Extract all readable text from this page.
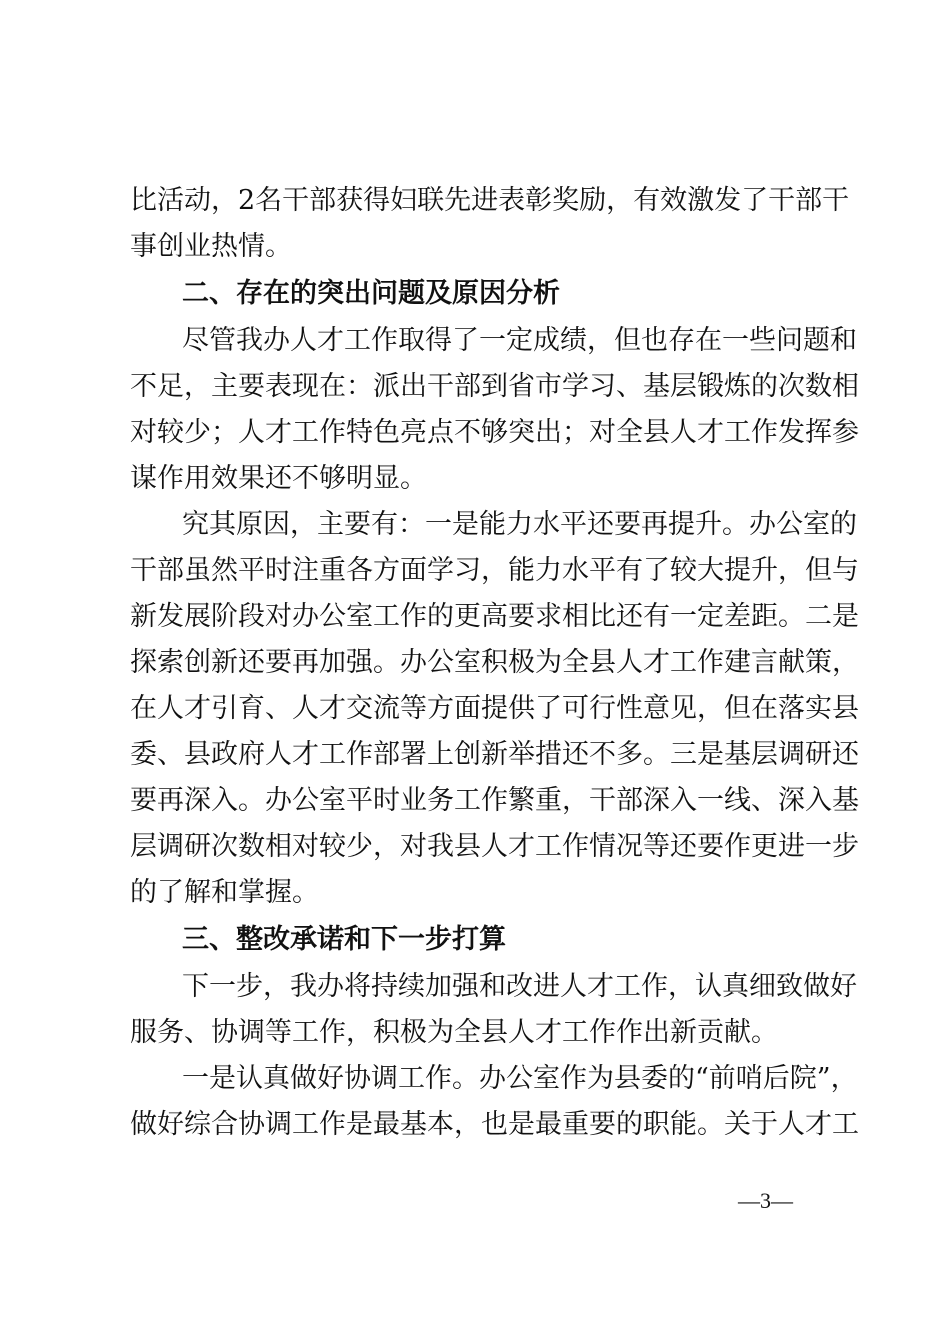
比活动，2名干部获得妇联先进表彰奖励，有效激发了干部干
事创业热情。
二、存在的突出问题及原因分析
尽管我办人才工作取得了一定成绩，但也存在一些问题和
不足，主要表现在：派出干部到省市学习、基层锻炼的次数相
对较少；人才工作特色亮点不够突出；对全县人才工作发挥参
谋作用效果还不够明显。
究其原因，主要有：一是能力水平还要再提升。办公室的
干部虽然平时注重各方面学习，能力水平有了较大提升，但与
新发展阶段对办公室工作的更高要求相比还有一定差距。二是
探索创新还要再加强。办公室积极为全县人才工作建言献策，
在人才引育、人才交流等方面提供了可行性意见，但在落实县
委、县政府人才工作部署上创新举措还不多。三是基层调研还
要再深入。办公室平时业务工作繁重，干部深入一线、深入基
层调研次数相对较少，对我县人才工作情况等还要作更进一步
的了解和掌握。
三、整改承诺和下一步打算
下一步，我办将持续加强和改进人才工作，认真细致做好
服务、协调等工作，积极为全县人才工作作出新贡献。
一是认真做好协调工作。办公室作为县委的“前哨后院”，
做好综合协调工作是最基本，也是最重要的职能。关于人才工
—3—
